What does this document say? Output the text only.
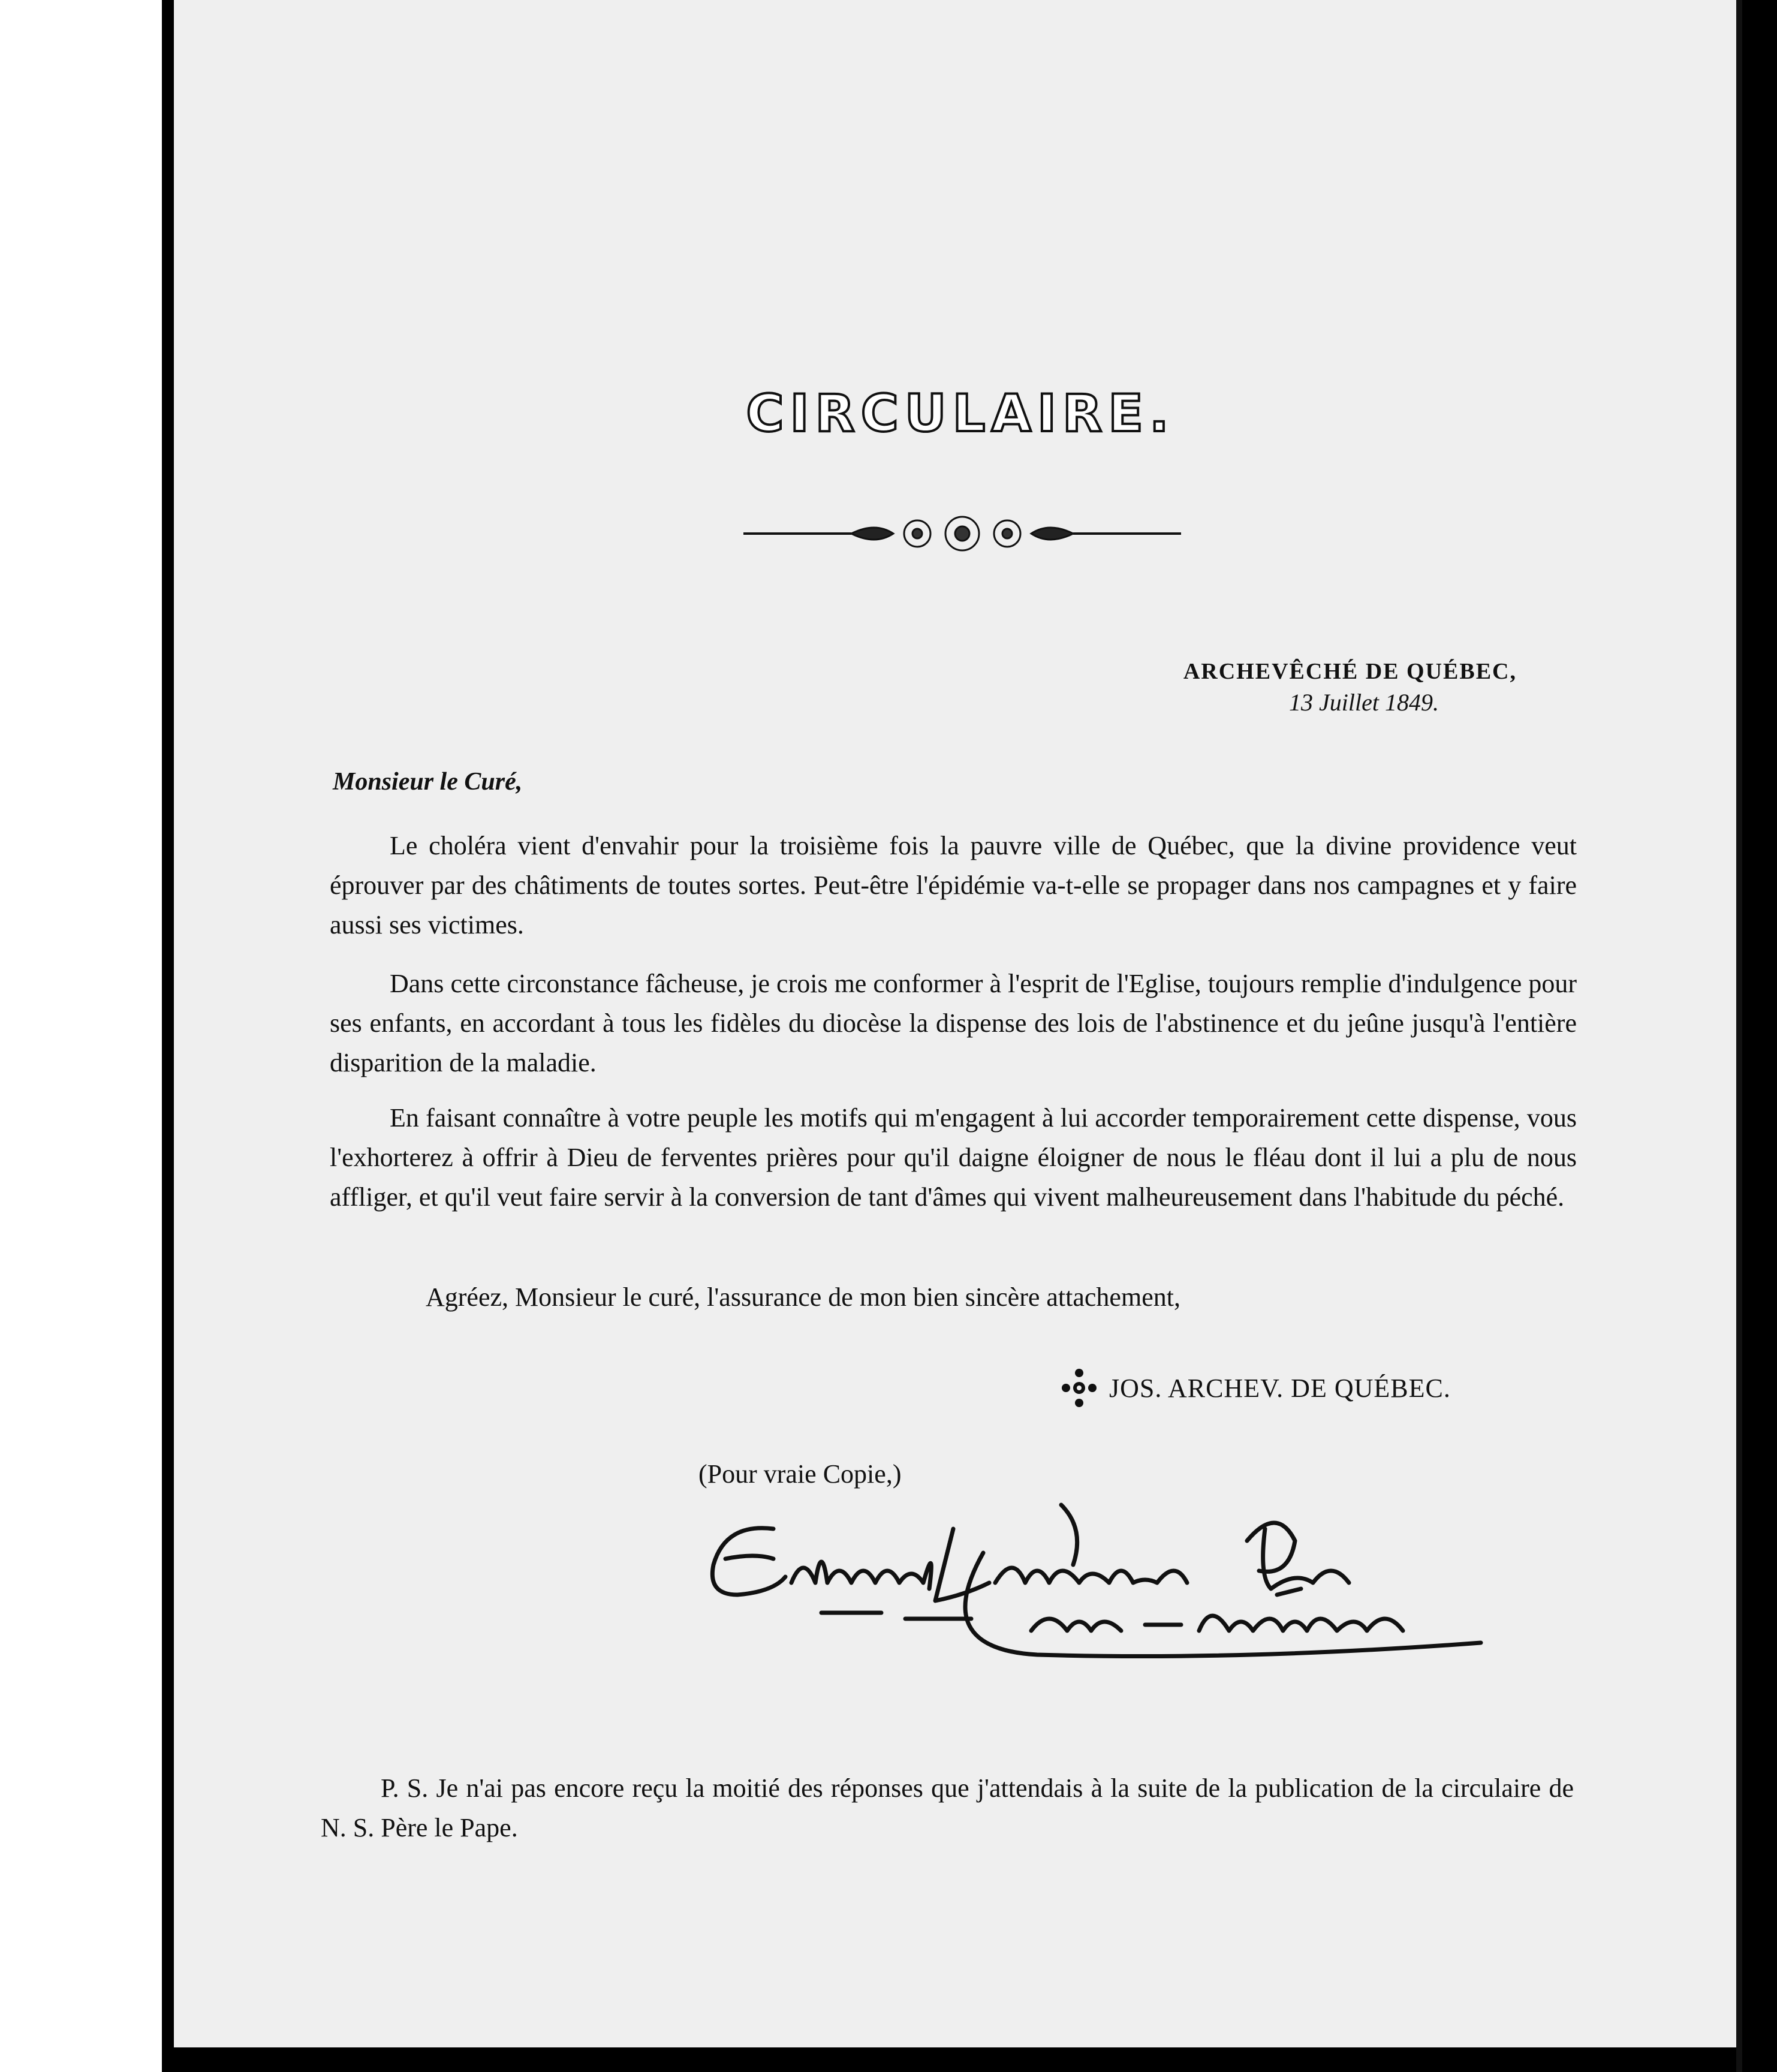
CIRCULAIRE.
ARCHEVÊCHÉ DE QUÉBEC,
13 Juillet 1849.
Monsieur le Curé,
Le choléra vient d'envahir pour la troisième fois la pauvre ville de Québec, que la divine providence veut éprouver par des châtiments de toutes sortes. Peut-être l'épidémie va-t-elle se propager dans nos campagnes et y faire aussi ses victimes.
Dans cette circonstance fâcheuse, je crois me conformer à l'esprit de l'Eglise, toujours remplie d'indulgence pour ses enfants, en accordant à tous les fidèles du diocèse la dispense des lois de l'abstinence et du jeûne jusqu'à l'entière disparition de la maladie.
En faisant connaître à votre peuple les motifs qui m'engagent à lui accorder temporairement cette dispense, vous l'exhorterez à offrir à Dieu de ferventes prières pour qu'il daigne éloigner de nous le fléau dont il lui a plu de nous affliger, et qu'il veut faire servir à la conversion de tant d'âmes qui vivent malheureusement dans l'habitude du péché.
Agréez, Monsieur le curé, l'assurance de mon bien sincère attachement,
JOS. ARCHEV. DE QUÉBEC.
(Pour vraie Copie,)
P. S. Je n'ai pas encore reçu la moitié des réponses que j'attendais à la suite de la publication de la circulaire de N. S. Père le Pape.
